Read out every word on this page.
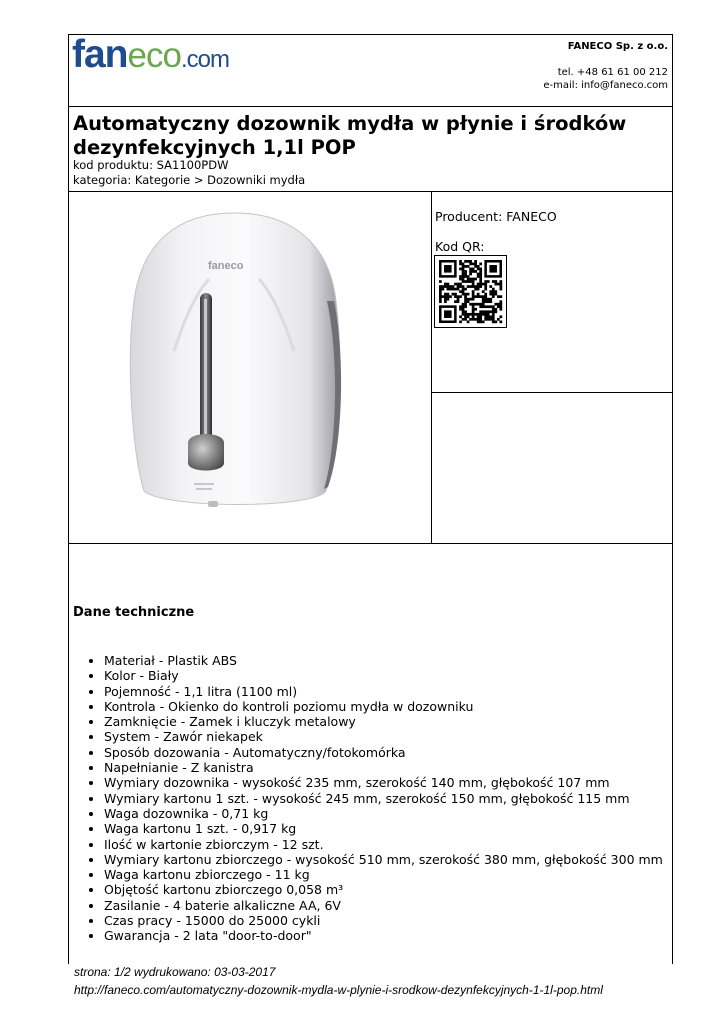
faneco.com	FANECO Sp. z o.o.
tel. +48 61 61 00 212
e-mail: info@faneco.com
Automatyczny dozownik mydła w płynie i środków dezynfekcyjnych 1,1l POP
kod produktu: SA1100PDW
kategoria: Kategorie > Dozowniki mydła
faneco
Producent: FANECO
Kod QR:
Dane techniczne
• Materiał - Plastik ABS
• Kolor - Biały
• Pojemność - 1,1 litra (1100 ml)
• Kontrola - Okienko do kontroli poziomu mydła w dozowniku
• Zamknięcie - Zamek i kluczyk metalowy
• System - Zawór niekapek
• Sposób dozowania - Automatyczny/fotokomórka
• Napełnianie - Z kanistra
• Wymiary dozownika - wysokość 235 mm, szerokość 140 mm, głębokość 107 mm
• Wymiary kartonu 1 szt. - wysokość 245 mm, szerokość 150 mm, głębokość 115 mm
• Waga dozownika - 0,71 kg
• Waga kartonu 1 szt. - 0,917 kg
• Ilość w kartonie zbiorczym - 12 szt.
• Wymiary kartonu zbiorczego - wysokość 510 mm, szerokość 380 mm, głębokość 300 mm
• Waga kartonu zbiorczego - 11 kg
• Objętość kartonu zbiorczego 0,058 m³
• Zasilanie - 4 baterie alkaliczne AA, 6V
• Czas pracy - 15000 do 25000 cykli
• Gwarancja - 2 lata "door-to-door"
strona: 1/2 wydrukowano: 03-03-2017
http://faneco.com/automatyczny-dozownik-mydla-w-plynie-i-srodkow-dezynfekcyjnych-1-1l-pop.html
